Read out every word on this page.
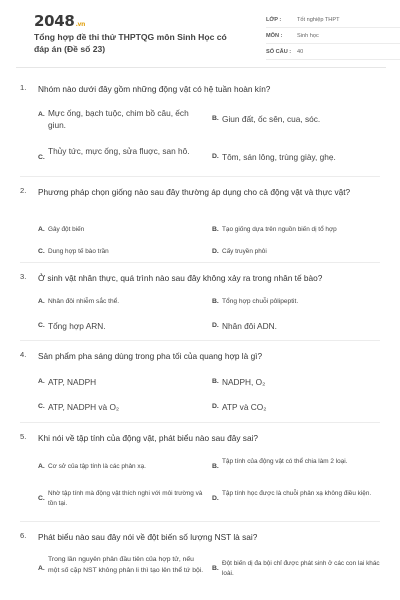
2048.vn
Tổng hợp đề thi thử THPTQG môn Sinh Học có đáp án (Đề số 23)
LỚP :	Tốt nghiệp THPT
MÔN :	Sinh học
SỐ CÂU :	40
1. Nhóm nào dưới đây gồm những động vật có hệ tuần hoàn kín?
A. Mực ống, bạch tuộc, chim bồ câu, ếch giun.
B. Giun đất, ốc sên, cua, sóc.
C.
Thủy tức, mực ống, sửa fluợc, san hô.
D. Tôm, sán lông, trùng giày, ghẹ.
2. Phương pháp chọn giống nào sau đây thường áp dụng cho cả động vật và thực vật?
A. Gây đột biến	B. Tạo giống dựa trên nguồn biến dị tổ hợp
C. Dung hợp tế bào trần	D. Cấy truyền phôi
3. Ở sinh vật nhân thực, quá trình nào sau đây không xảy ra trong nhân tế bào?
A. Nhân đôi nhiễm sắc thể.	B. Tổng hợp chuỗi pôlipeptit.
C. Tổng hợp ARN.	D. Nhân đôi ADN.
4. Sản phẩm pha sáng dùng trong pha tối của quang hợp là gì?
A. ATP, NADPH	B. NADPH, O₂
C. ATP, NADPH và O₂	D. ATP và CO₂
5. Khi nói về tập tính của động vật, phát biểu nào sau đây sai?
A. Cơ sở của tập tính là các phản xạ.	B.
Tập tính của động vật có thể chia làm 2 loại.
C.
Nhờ tập tính mà động vật thích nghi với môi trường và tồn tại.
D.
Tập tính học được là chuỗi phản xạ không điều kiện.
6. Phát biểu nào sau đây nói về đột biến số lượng NST là sai?
A.
Trong lần nguyên phân đầu tiên của hợp tử, nếu một số cặp NST không phân li thì tạo lên thể tứ bội.	B.
Đột biến dị đa bội chỉ được phát sinh ở các con lai khác loài.
